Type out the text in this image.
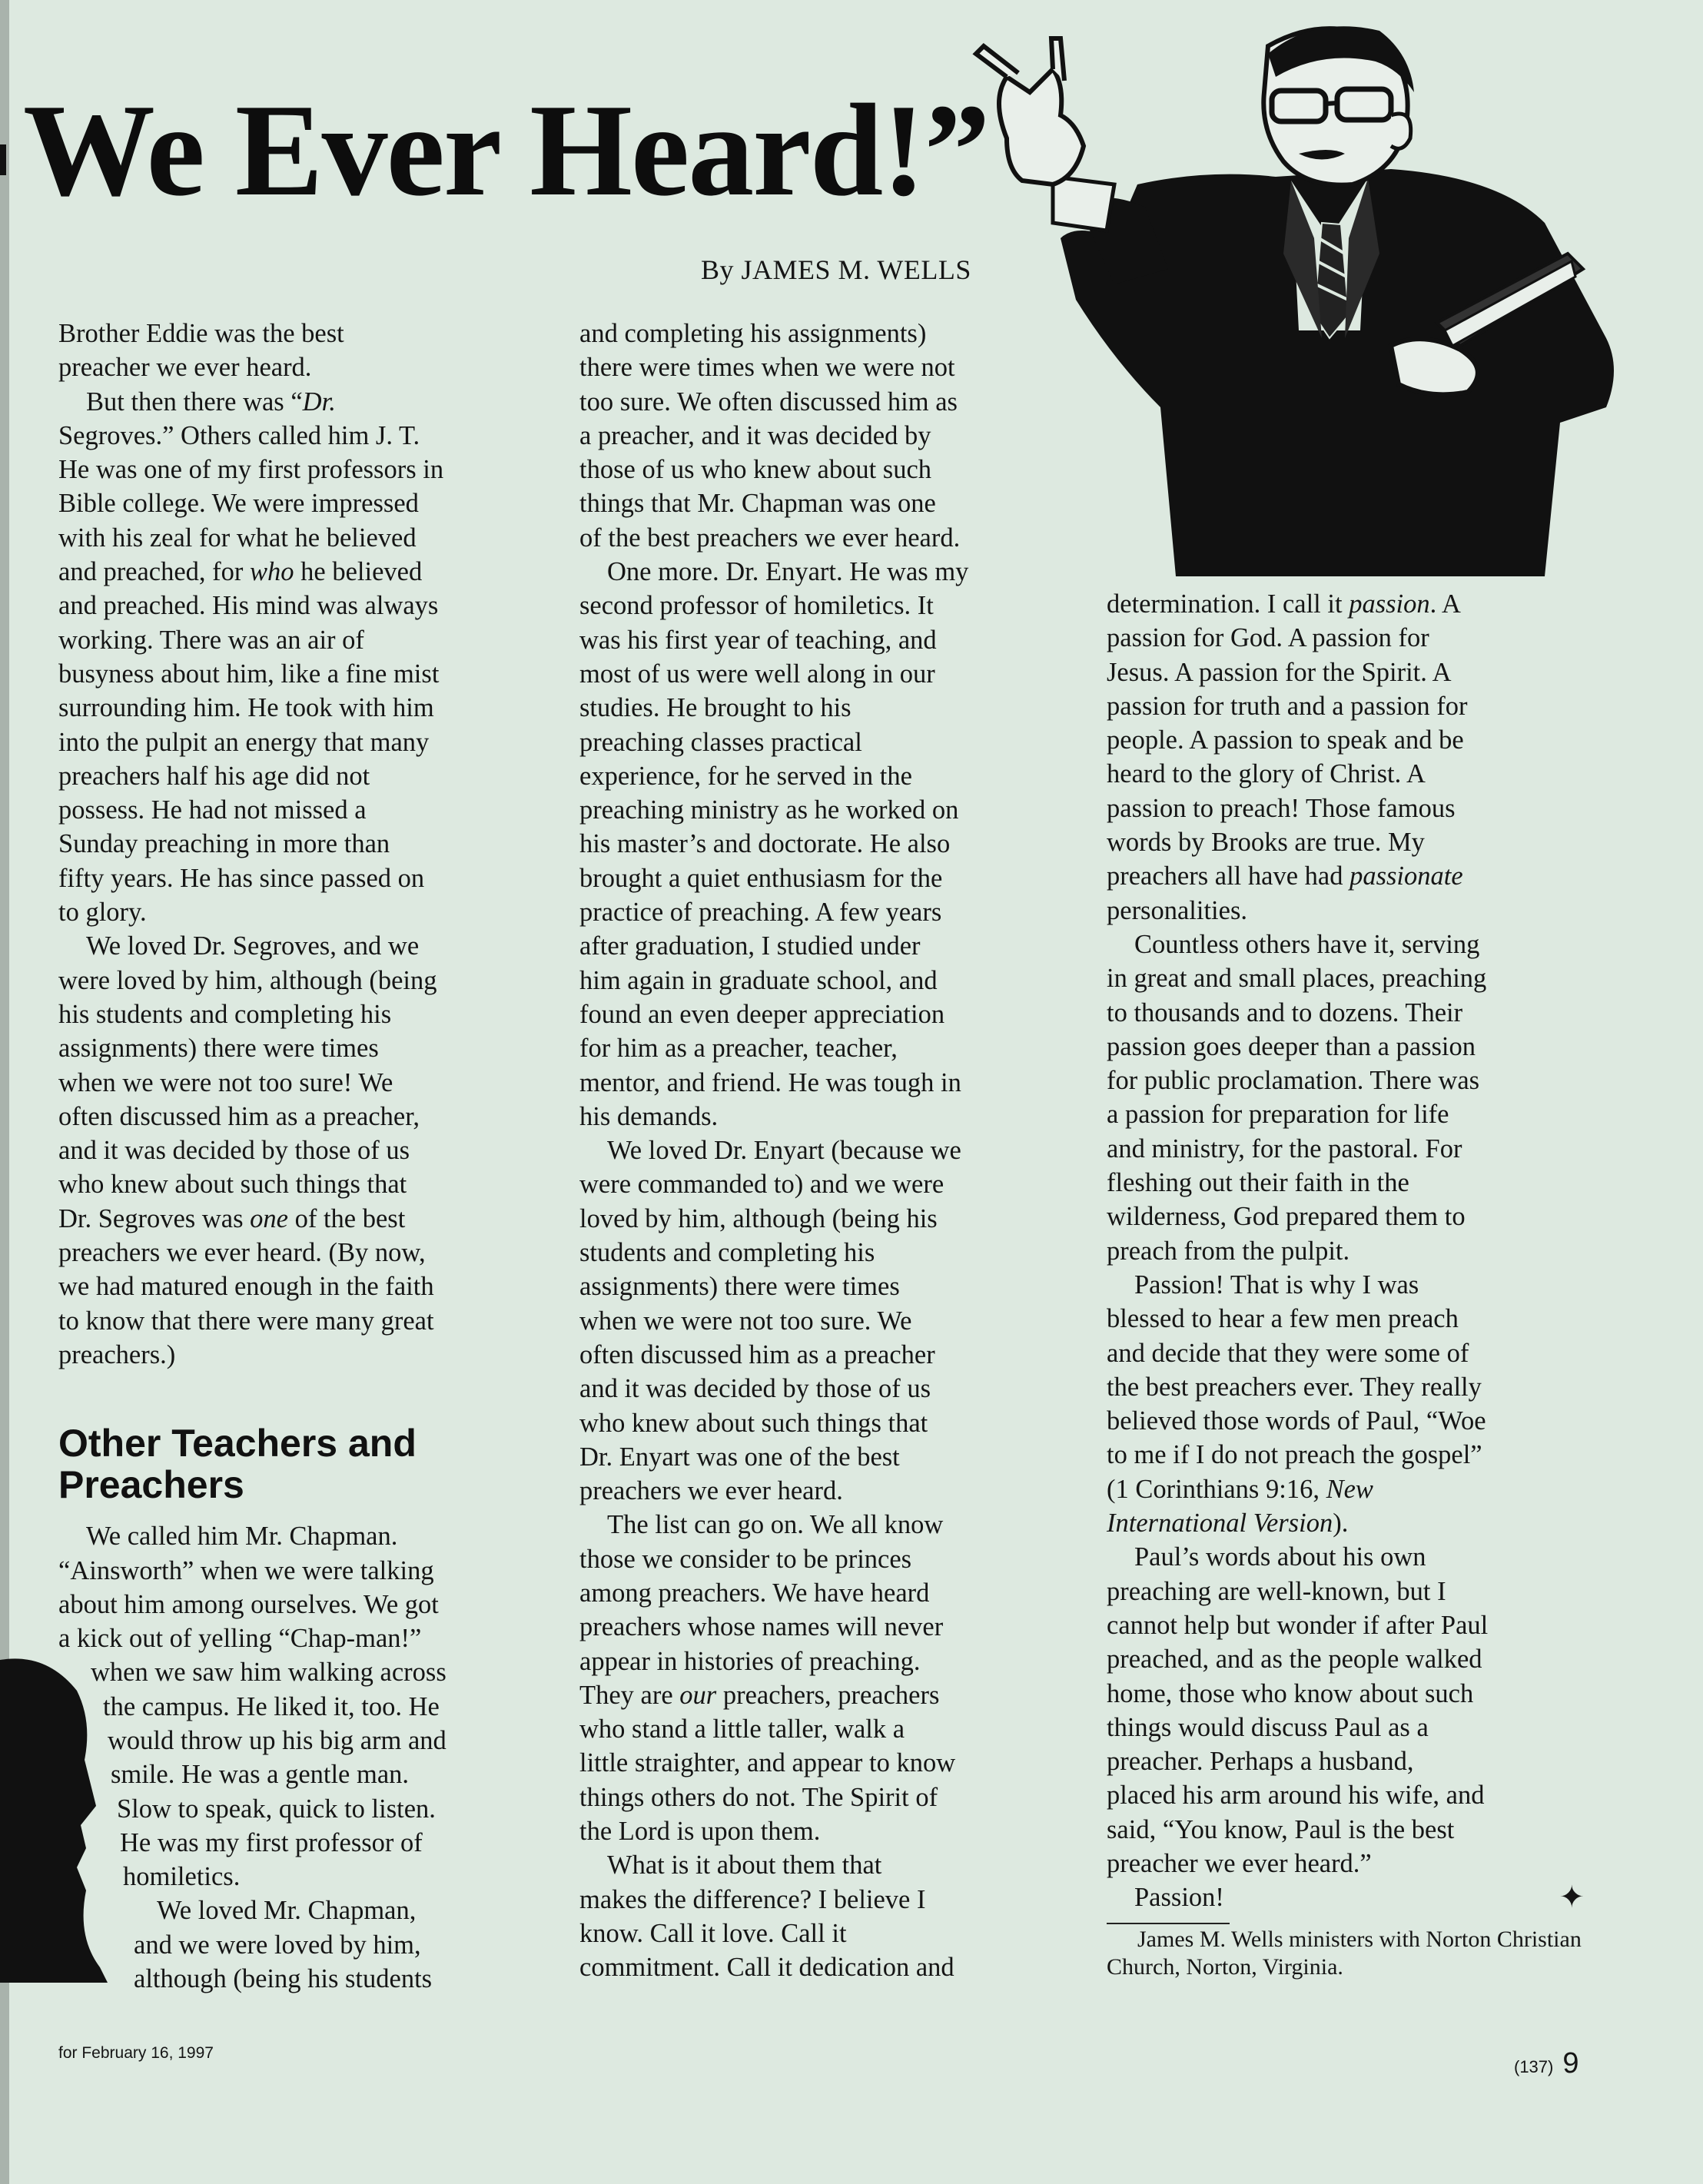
We Ever Heard!”
By JAMES M. WELLS

Brother Eddie was the best

preacher we ever heard.

But then there was “Dr.

Segroves.” Others called him J. T.

He was one of my first professors in

Bible college. We were impressed

with his zeal for what he believed

and preached, for who he believed

and preached. His mind was always

working. There was an air of

busyness about him, like a fine mist

surrounding him. He took with him

into the pulpit an energy that many

preachers half his age did not

possess. He had not missed a

Sunday preaching in more than

fifty years. He has since passed on

to glory.

We loved Dr. Segroves, and we

were loved by him, although (being

his students and completing his

assignments) there were times

when we were not too sure! We

often discussed him as a preacher,

and it was decided by those of us

who knew about such things that

Dr. Segroves was one of the best

preachers we ever heard. (By now,

we had matured enough in the faith

to know that there were many great

preachers.)

Other Teachers and Preachers

We called him Mr. Chapman.

“Ainsworth” when we were talking

about him among ourselves. We got

a kick out of yelling “Chap-man!”

when we saw him walking across

the campus. He liked it, too. He

would throw up his big arm and

smile. He was a gentle man.

Slow to speak, quick to listen.

He was my first professor of

homiletics.

We loved Mr. Chapman,

and we were loved by him,

although (being his students

and completing his assignments)

there were times when we were not

too sure. We often discussed him as

a preacher, and it was decided by

those of us who knew about such

things that Mr. Chapman was one

of the best preachers we ever heard.

One more. Dr. Enyart. He was my

second professor of homiletics. It

was his first year of teaching, and

most of us were well along in our

studies. He brought to his

preaching classes practical

experience, for he served in the

preaching ministry as he worked on

his master’s and doctorate. He also

brought a quiet enthusiasm for the

practice of preaching. A few years

after graduation, I studied under

him again in graduate school, and

found an even deeper appreciation

for him as a preacher, teacher,

mentor, and friend. He was tough in

his demands.

We loved Dr. Enyart (because we

were commanded to) and we were

loved by him, although (being his

students and completing his

assignments) there were times

when we were not too sure. We

often discussed him as a preacher

and it was decided by those of us

who knew about such things that

Dr. Enyart was one of the best

preachers we ever heard.

The list can go on. We all know

those we consider to be princes

among preachers. We have heard

preachers whose names will never

appear in histories of preaching.

They are our preachers, preachers

who stand a little taller, walk a

little straighter, and appear to know

things others do not. The Spirit of

the Lord is upon them.

What is it about them that

makes the difference? I believe I

know. Call it love. Call it

commitment. Call it dedication and

determination. I call it passion. A

passion for God. A passion for

Jesus. A passion for the Spirit. A

passion for truth and a passion for

people. A passion to speak and be

heard to the glory of Christ. A

passion to preach! Those famous

words by Brooks are true. My

preachers all have had passionate

personalities.

Countless others have it, serving

in great and small places, preaching

to thousands and to dozens. Their

passion goes deeper than a passion

for public proclamation. There was

a passion for preparation for life

and ministry, for the pastoral. For

fleshing out their faith in the

wilderness, God prepared them to

preach from the pulpit.

Passion! That is why I was

blessed to hear a few men preach

and decide that they were some of

the best preachers ever. They really

believed those words of Paul, “Woe

to me if I do not preach the gospel”

(1 Corinthians 9:16, New

International Version).

Paul’s words about his own

preaching are well-known, but I

cannot help but wonder if after Paul

preached, and as the people walked

home, those who know about such

things would discuss Paul as a

preacher. Perhaps a husband,

placed his arm around his wife, and

said, “You know, Paul is the best

preacher we ever heard.”

Passion!	✦
James M. Wells ministers with Norton Christian Church, Norton, Virginia.
for February 16, 1997
(137) 9
